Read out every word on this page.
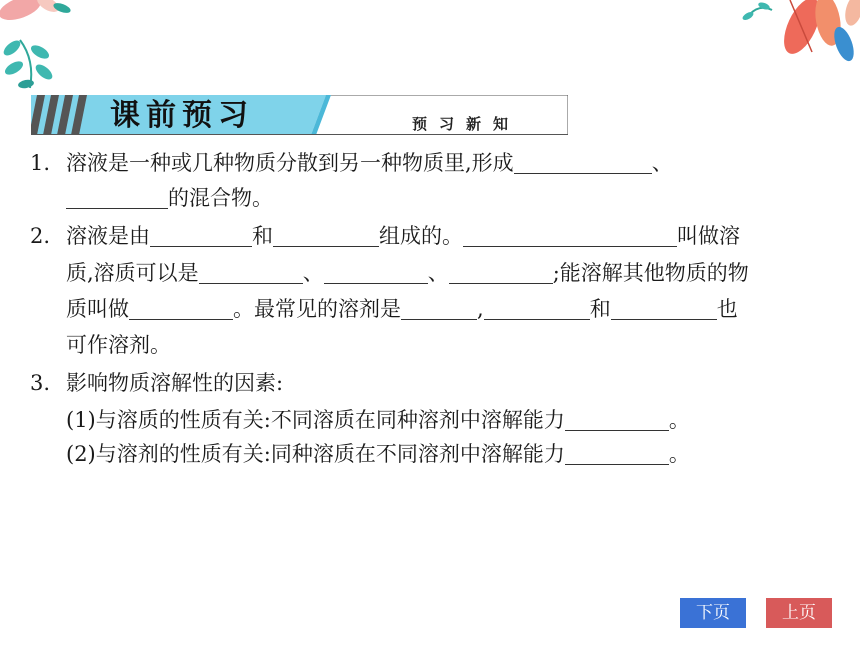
课前预习	预习新知
1. 溶液是一种或几种物质分散到另一种物质里,形成	、
的混合物。
2. 溶液是由	和	组成的。	叫做溶
质,溶质可以是	、	、	;能溶解其他物质的物
质叫做	。最常见的溶剂是	,	和	也
可作溶剂。
3. 影响物质溶解性的因素:
(1)与溶质的性质有关:不同溶质在同种溶剂中溶解能力	。
(2)与溶剂的性质有关:同种溶质在不同溶剂中溶解能力	。
下页	上页
